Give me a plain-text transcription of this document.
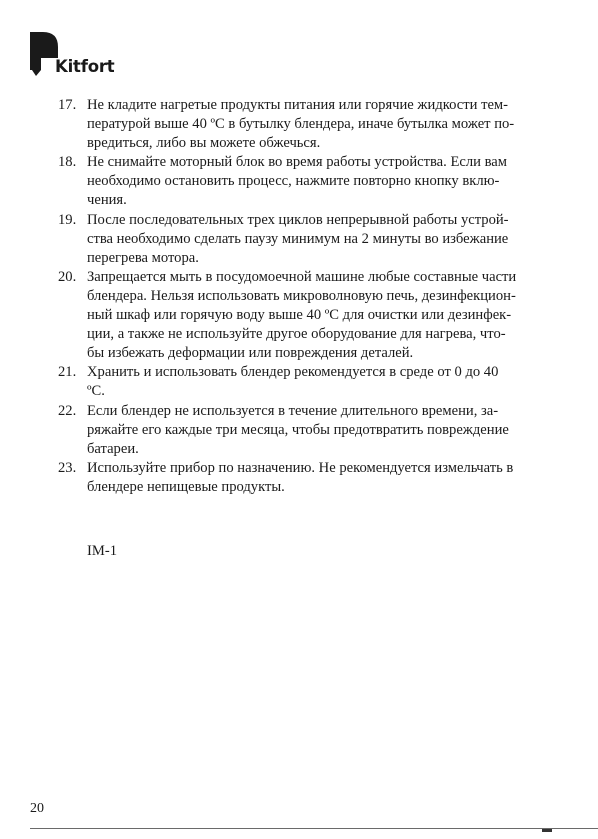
Kitfort
17. Не кладите нагретые продукты питания или горячие жидкости тем-
пературой выше 40 ºC в бутылку блендера, иначе бутылка может по-
вредиться, либо вы можете обжечься.
18. Не снимайте моторный блок во время работы устройства. Если вам
необходимо остановить процесс, нажмите повторно кнопку вклю-
чения.
19. После последовательных трех циклов непрерывной работы устрой-
ства необходимо сделать паузу минимум на 2 минуты во избежание
перегрева мотора.
20. Запрещается мыть в посудомоечной машине любые составные части
блендера. Нельзя использовать микроволновую печь, дезинфекцион-
ный шкаф или горячую воду выше 40 ºC для очистки или дезинфек-
ции, а также не используйте другое оборудование для нагрева, что-
бы избежать деформации или повреждения деталей.
21. Хранить и использовать блендер рекомендуется в среде от 0 до 40
ºC.
22. Если блендер не используется в течение длительного времени, за-
ряжайте его каждые три месяца, чтобы предотвратить повреждение
батареи.
23. Используйте прибор по назначению. Не рекомендуется измельчать в
блендере непищевые продукты.
IM-1
20
